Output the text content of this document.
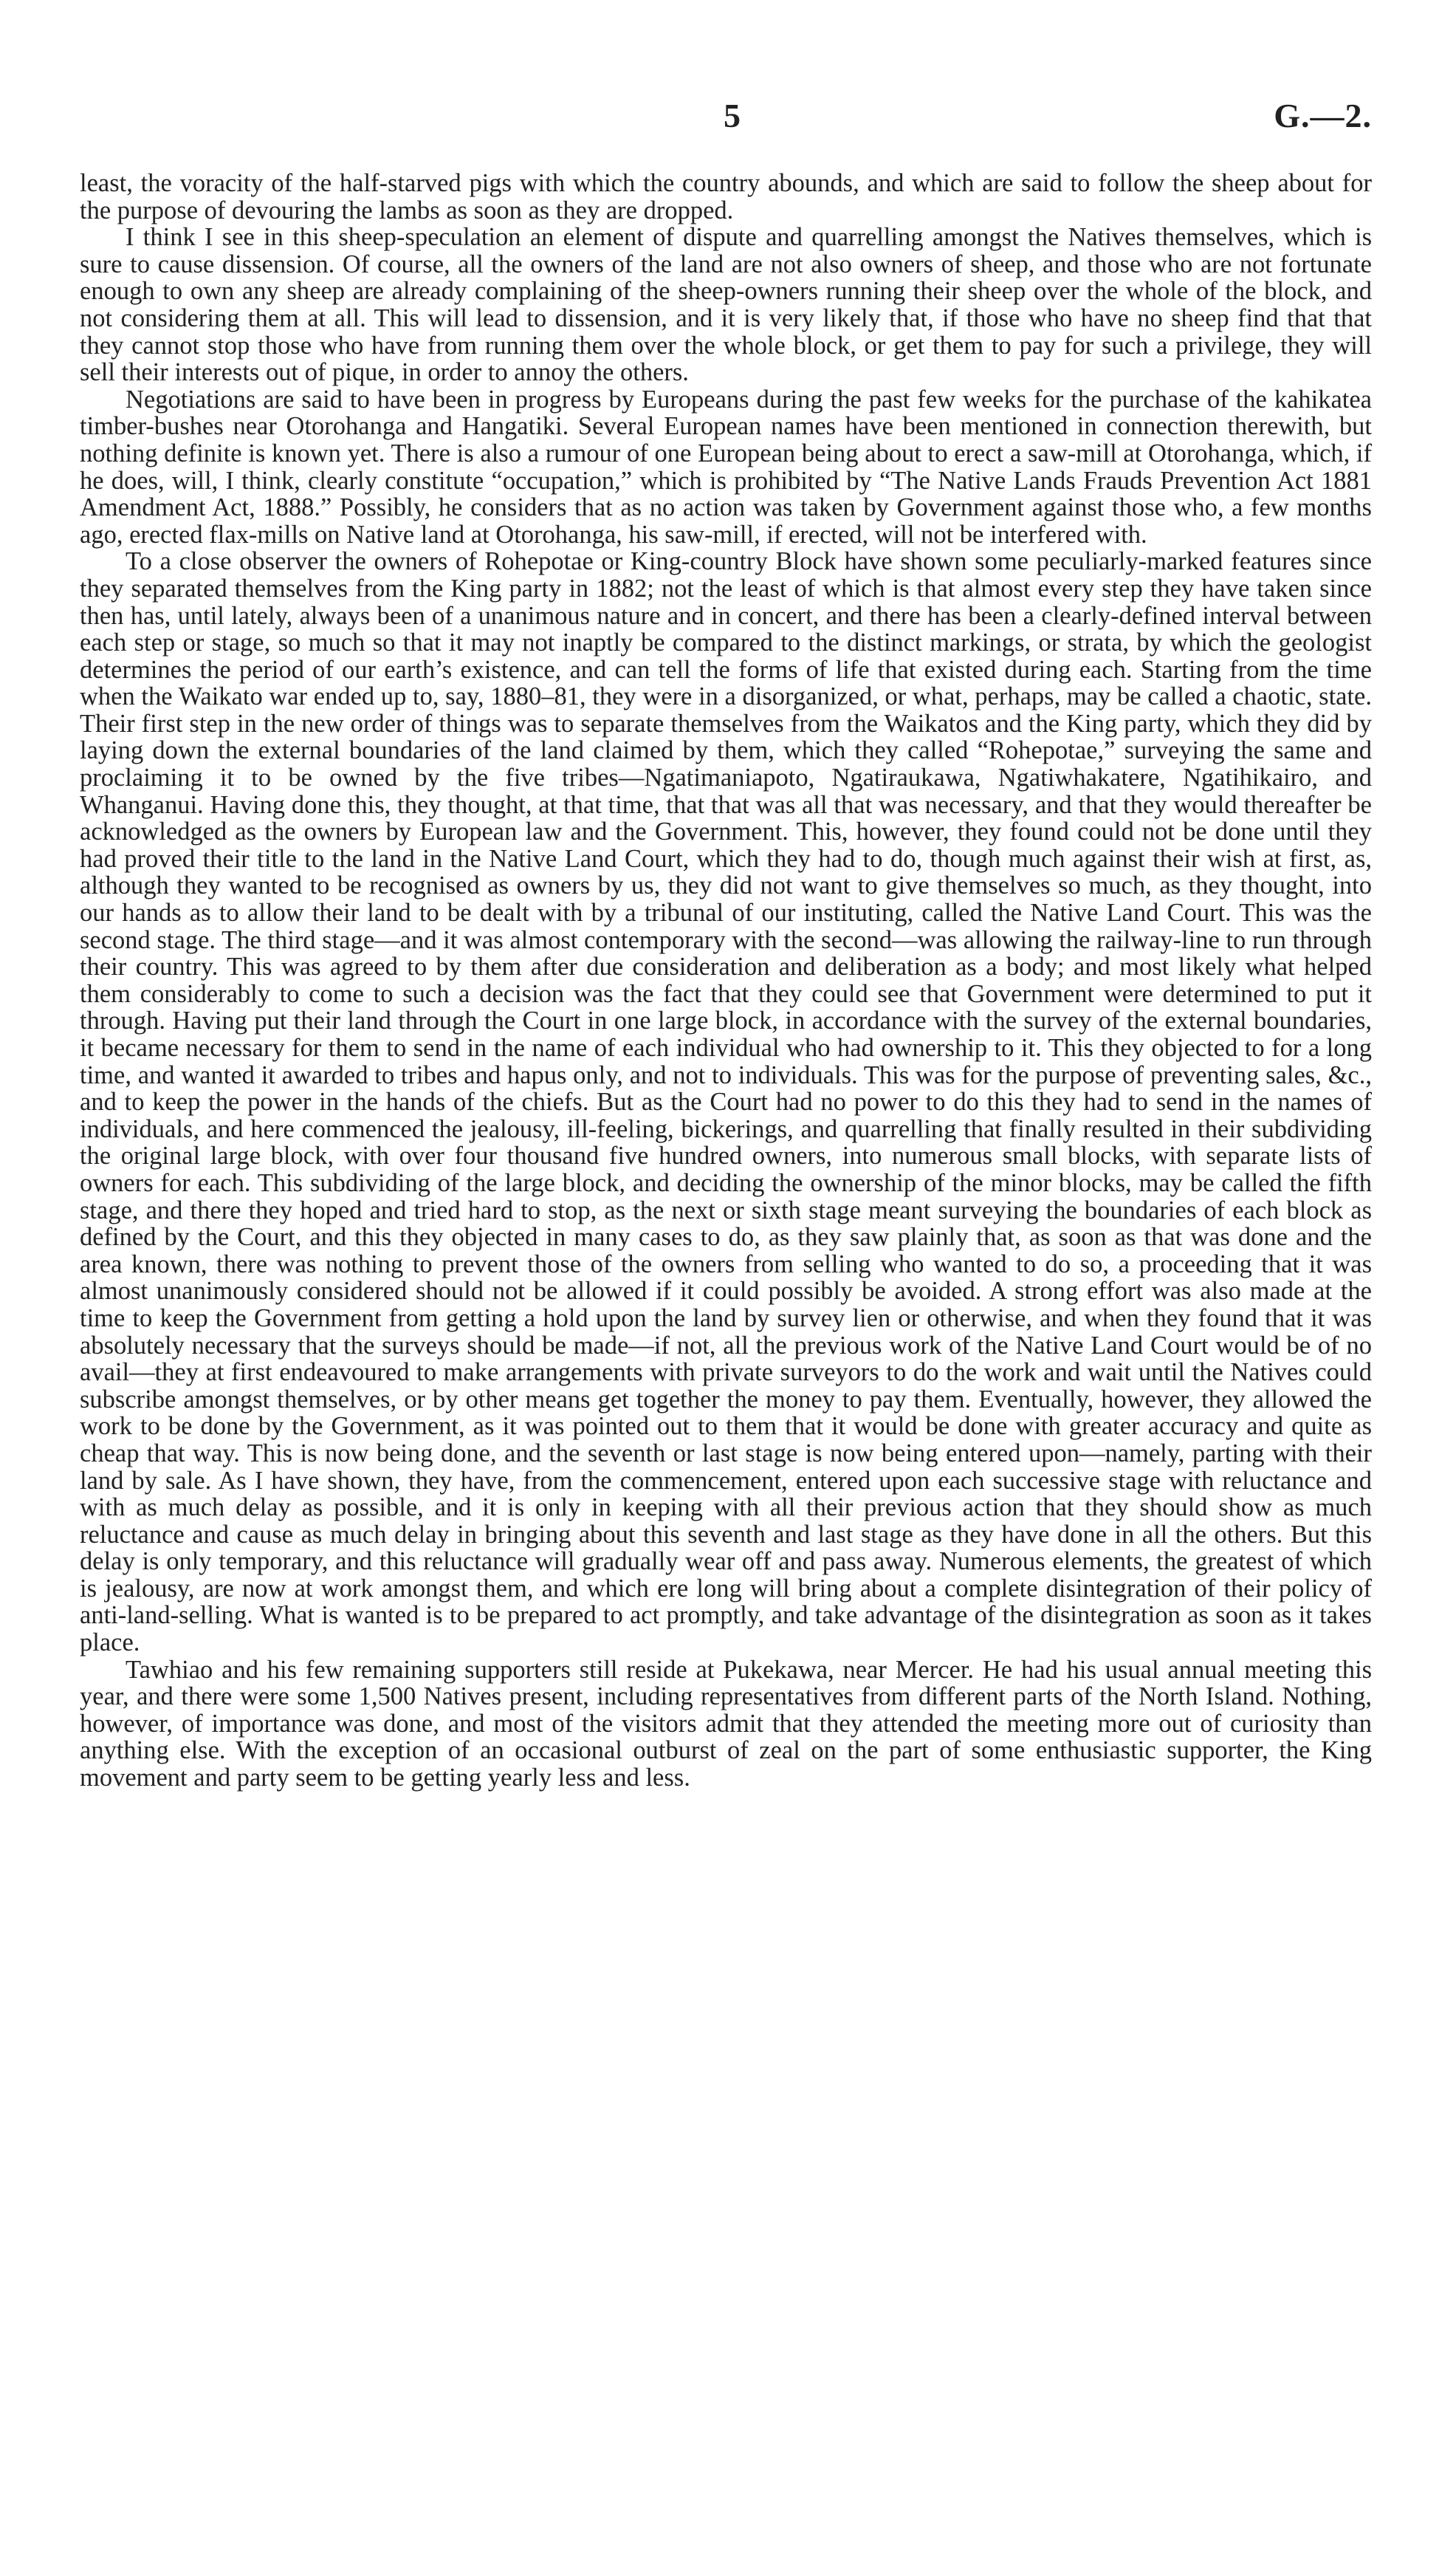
5	G.—2.

least, the voracity of the half-starved pigs with which the country abounds, and which are said to follow the sheep about for the purpose of devouring the lambs as soon as they are dropped.

I think I see in this sheep-speculation an element of dispute and quarrelling amongst the Natives themselves, which is sure to cause dissension. Of course, all the owners of the land are not also owners of sheep, and those who are not fortunate enough to own any sheep are already complaining of the sheep-owners running their sheep over the whole of the block, and not considering them at all. This will lead to dissension, and it is very likely that, if those who have no sheep find that that they cannot stop those who have from running them over the whole block, or get them to pay for such a privilege, they will sell their interests out of pique, in order to annoy the others.

Negotiations are said to have been in progress by Europeans during the past few weeks for the purchase of the kahikatea timber-bushes near Otorohanga and Hangatiki. Several European names have been mentioned in connection therewith, but nothing definite is known yet. There is also a rumour of one European being about to erect a saw-mill at Otorohanga, which, if he does, will, I think, clearly constitute “occupation,” which is prohibited by “The Native Lands Frauds Prevention Act 1881 Amendment Act, 1888.” Possibly, he considers that as no action was taken by Government against those who, a few months ago, erected flax-mills on Native land at Otorohanga, his saw-mill, if erected, will not be interfered with.

To a close observer the owners of Rohepotae or King-country Block have shown some peculiarly-marked features since they separated themselves from the King party in 1882; not the least of which is that almost every step they have taken since then has, until lately, always been of a unanimous nature and in concert, and there has been a clearly-defined interval between each step or stage, so much so that it may not inaptly be compared to the distinct markings, or strata, by which the geologist determines the period of our earth’s existence, and can tell the forms of life that existed during each. Starting from the time when the Waikato war ended up to, say, 1880–81, they were in a disorganized, or what, perhaps, may be called a chaotic, state. Their first step in the new order of things was to separate themselves from the Waikatos and the King party, which they did by laying down the external boundaries of the land claimed by them, which they called “Rohepotae,” surveying the same and proclaiming it to be owned by the five tribes—Ngatimaniapoto, Ngatiraukawa, Ngatiwhakatere, Ngatihikairo, and Whanganui. Having done this, they thought, at that time, that that was all that was necessary, and that they would thereafter be acknowledged as the owners by European law and the Government. This, however, they found could not be done until they had proved their title to the land in the Native Land Court, which they had to do, though much against their wish at first, as, although they wanted to be recognised as owners by us, they did not want to give themselves so much, as they thought, into our hands as to allow their land to be dealt with by a tribunal of our instituting, called the Native Land Court. This was the second stage. The third stage—and it was almost contemporary with the second—was allowing the railway-line to run through their country. This was agreed to by them after due consideration and deliberation as a body; and most likely what helped them considerably to come to such a decision was the fact that they could see that Government were determined to put it through. Having put their land through the Court in one large block, in accordance with the survey of the external boundaries, it became necessary for them to send in the name of each individual who had ownership to it. This they objected to for a long time, and wanted it awarded to tribes and hapus only, and not to individuals. This was for the purpose of preventing sales, &c., and to keep the power in the hands of the chiefs. But as the Court had no power to do this they had to send in the names of individuals, and here commenced the jealousy, ill-feeling, bickerings, and quarrelling that finally resulted in their subdividing the original large block, with over four thousand five hundred owners, into numerous small blocks, with separate lists of owners for each. This subdividing of the large block, and deciding the ownership of the minor blocks, may be called the fifth stage, and there they hoped and tried hard to stop, as the next or sixth stage meant surveying the boundaries of each block as defined by the Court, and this they objected in many cases to do, as they saw plainly that, as soon as that was done and the area known, there was nothing to prevent those of the owners from selling who wanted to do so, a proceeding that it was almost unanimously considered should not be allowed if it could possibly be avoided. A strong effort was also made at the time to keep the Government from getting a hold upon the land by survey lien or otherwise, and when they found that it was absolutely necessary that the surveys should be made—if not, all the previous work of the Native Land Court would be of no avail—they at first endeavoured to make arrangements with private surveyors to do the work and wait until the Natives could subscribe amongst themselves, or by other means get together the money to pay them. Eventually, however, they allowed the work to be done by the Government, as it was pointed out to them that it would be done with greater accuracy and quite as cheap that way. This is now being done, and the seventh or last stage is now being entered upon—namely, parting with their land by sale. As I have shown, they have, from the commencement, entered upon each successive stage with reluctance and with as much delay as possible, and it is only in keeping with all their previous action that they should show as much reluctance and cause as much delay in bringing about this seventh and last stage as they have done in all the others. But this delay is only temporary, and this reluctance will gradually wear off and pass away. Numerous elements, the greatest of which is jealousy, are now at work amongst them, and which ere long will bring about a complete disintegration of their policy of anti-land-selling. What is wanted is to be prepared to act promptly, and take advantage of the disintegration as soon as it takes place.

Tawhiao and his few remaining supporters still reside at Pukekawa, near Mercer. He had his usual annual meeting this year, and there were some 1,500 Natives present, including representatives from different parts of the North Island. Nothing, however, of importance was done, and most of the visitors admit that they attended the meeting more out of curiosity than anything else. With the exception of an occasional outburst of zeal on the part of some enthusiastic supporter, the King movement and party seem to be getting yearly less and less.
